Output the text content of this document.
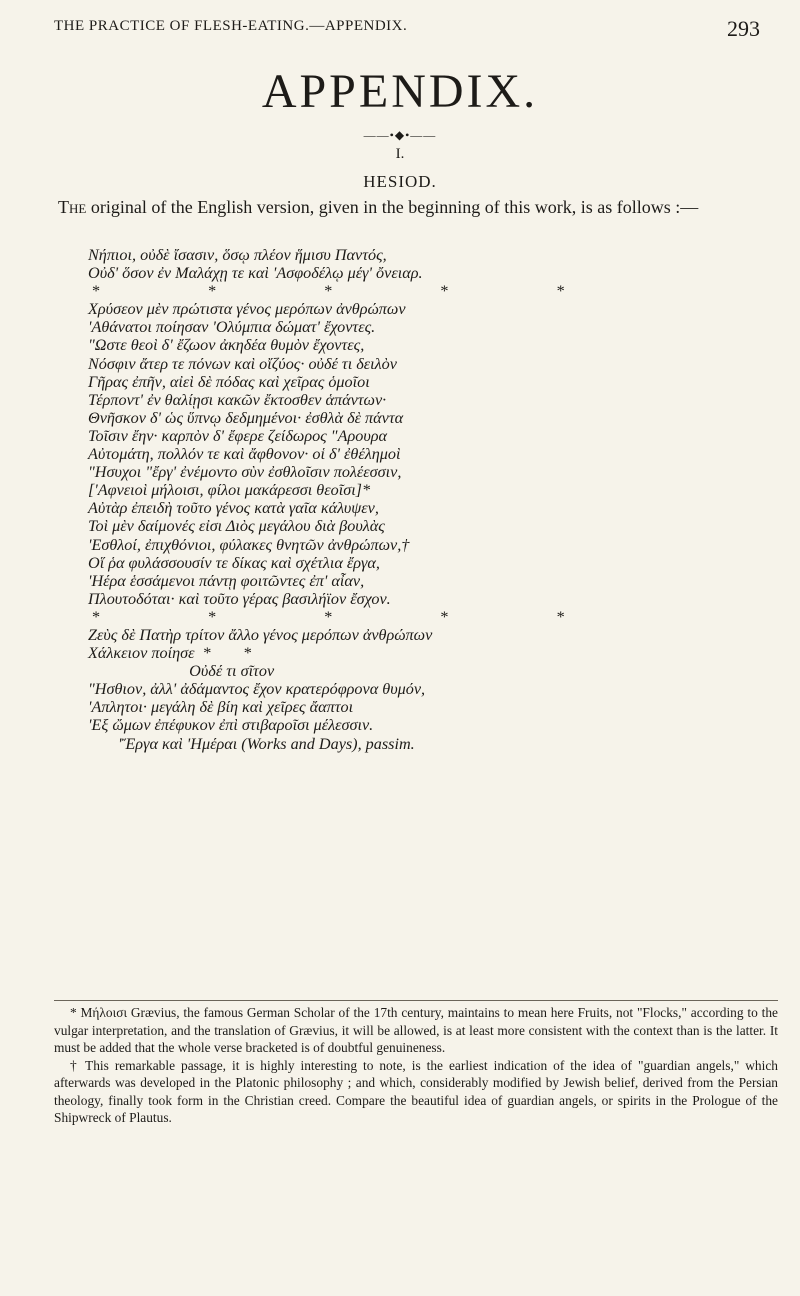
THE PRACTICE OF FLESH-EATING.—APPENDIX.	293
APPENDIX.
——•◆•——
I.
HESIOD.
The original of the English version, given in the beginning of this work, is as follows :—
Νήπιοι, οὐδὲ ἴσασιν, ὅσῳ πλέον ἥμισυ Παντός,
Οὐδ' ὅσον ἐν Μαλάχῃ τε καὶ 'Ασφοδέλῳ μέγ' ὄνειαρ.
* * * * *
Χρύσεον μὲν πρώτιστα γένος μερόπων ἀνθρώπων
'Αθάνατοι ποίησαν 'Ολύμπια δώματ' ἔχοντες.
"Ωστε θεοὶ δ' ἔζωον ἀκηδέα θυμὸν ἔχοντες,
Νόσφιν ἄτερ τε πόνων καὶ οἴζύος· οὐδέ τι δειλὸν
Γῆρας ἐπῆν, αἰεὶ δὲ πόδας καὶ χεῖρας ὁμοῖοι
Τέρποντ' ἐν θαλίῃσι κακῶν ἔκτοσθεν ἁπάντων·
Θνῆσκον δ' ὡς ὕπνῳ δεδμημένοι· ἐσθλὰ δὲ πάντα
Τοῖσιν ἔην· καρπὸν δ' ἔφερε ζείδωρος "Αρουρα
Αὐτομάτη, πολλόν τε καὶ ἄφθονον· οἱ δ' ἐθέλημοὶ
"Ησυχοι "ἔργ' ἐνέμοντο σὺν ἐσθλοῖσιν πολέεσσιν,
['Αφνειοὶ μήλοισι, φίλοι μακάρεσσι θεοῖσι]*
Αὐτὰρ ἐπειδὴ τοῦτο γένος κατὰ γαῖα κάλυψεν,
Τοὶ μὲν δαίμονές εἰσι Διὸς μεγάλου διὰ βουλὰς
'Εσθλοί, ἐπιχθόνιοι, φύλακες θνητῶν ἀνθρώπων,†
Οἵ ῥα φυλάσσουσίν τε δίκας καὶ σχέτλια ἔργα,
'Ηέρα ἑσσάμενοι πάντῃ φοιτῶντες ἐπ' αἶαν,
Πλουτοδόται· καὶ τοῦτο γέρας βασιλήϊον ἔσχον.
* * * * *
Ζεὺς δὲ Πατὴρ τρίτον ἄλλο γένος μερόπων ἀνθρώπων
Χάλκειον ποίησε  *        *
Οὐδέ τι σῖτον
"Ησθιον, ἀλλ' ἀδάμαντος ἔχον κρατερόφρονα θυμόν,
'Απλητοι· μεγάλη δὲ βίη καὶ χεῖρες ἄαπτοι
'Εξ ὤμων ἐπέφυκον ἐπὶ στιβαροῖσι μέλεσσιν.
'Ἔργα καὶ 'Ημέραι (Works and Days), passim.

* Μήλοισι Grævius, the famous German Scholar of the 17th century, maintains to mean here Fruits, not "Flocks," according to the vulgar interpretation, and the translation of Grævius, it will be allowed, is at least more consistent with the context than is the latter. It must be added that the whole verse bracketed is of doubtful genuineness.

† This remarkable passage, it is highly interesting to note, is the earliest indication of the idea of "guardian angels," which afterwards was developed in the Platonic philosophy ; and which, considerably modified by Jewish belief, derived from the Persian theology, finally took form in the Christian creed. Compare the beautiful idea of guardian angels, or spirits in the Prologue of the Shipwreck of Plautus.
